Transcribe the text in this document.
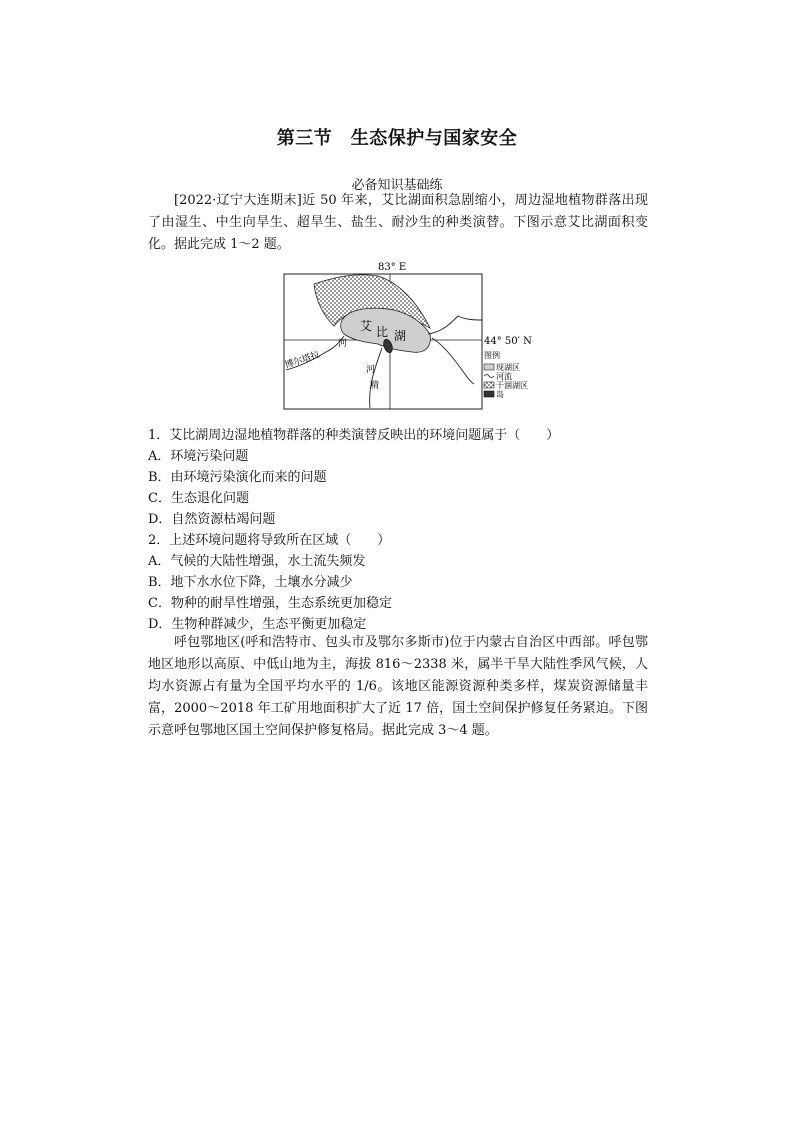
第三节　生态保护与国家安全
必备知识基础练

[2022·辽宁大连期末]近 50 年来，艾比湖面积急剧缩小，周边湿地植物群落出现了由湿生、中生向旱生、超旱生、盐生、耐沙生的种类演替。下图示意艾比湖面积变化。据此完成 1～2 题。

83° E
44° 50′ N
艾 比 湖
博尔塔拉
河
河
精
图例
现湖区
河流
干涸湖区
岛
1．艾比湖周边湿地植物群落的种类演替反映出的环境问题属于（　　）
A．环境污染问题
B．由环境污染演化而来的问题
C．生态退化问题
D．自然资源枯竭问题
2．上述环境问题将导致所在区域（　　）
A．气候的大陆性增强，水土流失频发
B．地下水水位下降，土壤水分减少
C．物种的耐旱性增强，生态系统更加稳定
D．生物种群减少，生态平衡更加稳定

呼包鄂地区(呼和浩特市、包头市及鄂尔多斯市)位于内蒙古自治区中西部。呼包鄂地区地形以高原、中低山地为主，海拔 816～2338 米，属半干旱大陆性季风气候，人均水资源占有量为全国平均水平的 1/6。该地区能源资源种类多样，煤炭资源储量丰富，2000～2018 年工矿用地面积扩大了近 17 倍，国土空间保护修复任务紧迫。下图示意呼包鄂地区国土空间保护修复格局。据此完成 3～4 题。
